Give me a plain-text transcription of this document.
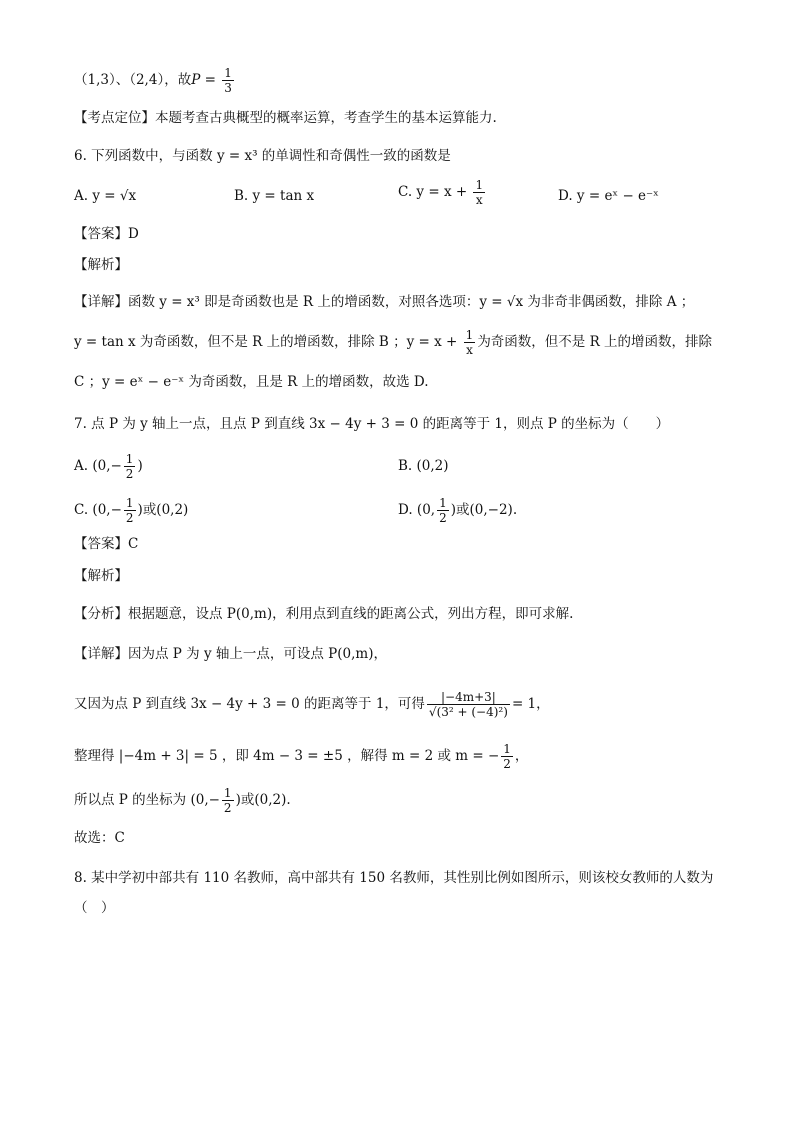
（1,3）、（2,4），故$P = \frac{1}{3}$
【考点定位】本题考查古典概型的概率运算，考查学生的基本运算能力.
6. 下列函数中，与函数 y = x³ 的单调性和奇偶性一致的函数是
A. y = √x	B. y = tan x	C. $y = x + \frac{1}{x}$	D. y = eˣ − e⁻ˣ
【答案】D
【解析】
【详解】函数 y = x³ 即是奇函数也是 R 上的增函数，对照各选项：y = √x 为非奇非偶函数，排除 A ；
y = tan x 为奇函数，但不是 R 上的增函数，排除 B ；$y = x + \frac{1}{x}$ 为奇函数，但不是 R 上的增函数，排除
C ；y = eˣ − e⁻ˣ 为奇函数，且是 R 上的增函数，故选 D.
7. 点 P 为 y 轴上一点，且点 P 到直线 3x − 4y + 3 = 0 的距离等于 1，则点 P 的坐标为（　　）
A. ($0,- \frac{1}{2}$ )	B. (0,2)
C. ($0,- \frac{1}{2}$ )或(0,2)	D. (0, $\frac{1}{2}$ )或(0,−2).
【答案】C
【解析】
【分析】根据题意，设点 P(0,m)，利用点到直线的距离公式，列出方程，即可求解.
【详解】因为点 P 为 y 轴上一点，可设点 P(0,m)，
又因为点 P 到直线 3x − 4y + 3 = 0 的距离等于 1，可得 $\frac{|-4m+3|}{\text{√(3² + (−4)²)}} = 1$，
整理得 |−4m + 3| = 5 ，即 4m − 3 = ±5 ，解得 m = 2 或 m = − $\frac{1}{2}$ ，
所以点 P 的坐标为 ($0,- \frac{1}{2}$ )或(0,2).
故选：C
8. 某中学初中部共有 110 名教师，高中部共有 150 名教师，其性别比例如图所示，则该校女教师的人数为
（　）
